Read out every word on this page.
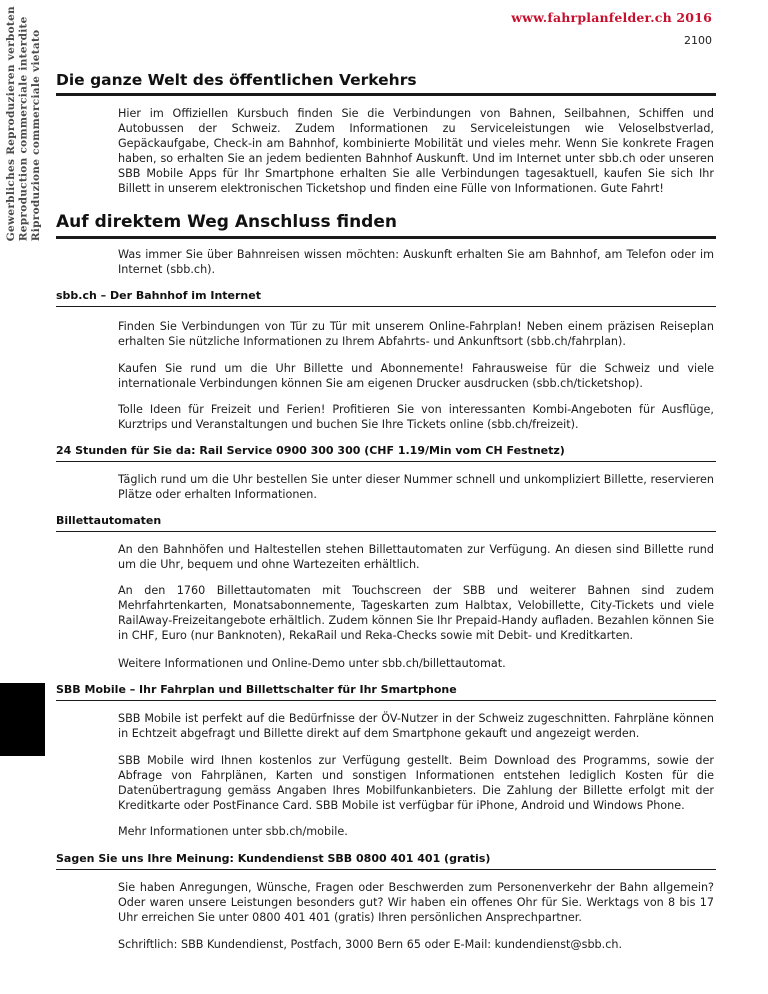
Gewerbliches Reproduzieren verboten Reproduction commerciale interdite Riproduzione commerciale vietato
www.fahrplanfelder.ch 2016
2100
Die ganze Welt des öffentlichen Verkehrs

Hier im Offiziellen Kursbuch finden Sie die Verbindungen von Bahnen, Seilbahnen, Schiffen und Autobussen der Schweiz. Zudem Informationen zu Serviceleistungen wie Veloselbstverlad, Gepäckaufgabe, Check-in am Bahnhof, kombinierte Mobilität und vieles mehr. Wenn Sie konkrete Fragen haben, so erhalten Sie an jedem bedienten Bahnhof Auskunft. Und im Internet unter sbb.ch oder unseren SBB Mobile Apps für Ihr Smartphone erhalten Sie alle Verbindungen tagesaktuell, kaufen Sie sich Ihr Billett in unserem elektronischen Ticketshop und finden eine Fülle von Informationen. Gute Fahrt!

Auf direktem Weg Anschluss finden

Was immer Sie über Bahnreisen wissen möchten: Auskunft erhalten Sie am Bahnhof, am Telefon oder im Internet (sbb.ch).

sbb.ch – Der Bahnhof im Internet

Finden Sie Verbindungen von Tür zu Tür mit unserem Online-Fahrplan! Neben einem präzisen Reiseplan erhalten Sie nützliche Informationen zu Ihrem Abfahrts- und Ankunftsort (sbb.ch/fahrplan).

Kaufen Sie rund um die Uhr Billette und Abonnemente! Fahrausweise für die Schweiz und viele internationale Verbindungen können Sie am eigenen Drucker ausdrucken (sbb.ch/ticketshop).

Tolle Ideen für Freizeit und Ferien! Profitieren Sie von interessanten Kombi-Angeboten für Ausflüge, Kurztrips und Veranstaltungen und buchen Sie Ihre Tickets online (sbb.ch/freizeit).

24 Stunden für Sie da: Rail Service 0900 300 300 (CHF 1.19/Min vom CH Festnetz)

Täglich rund um die Uhr bestellen Sie unter dieser Nummer schnell und unkompliziert Billette, reservieren Plätze oder erhalten Informationen.

Billettautomaten

An den Bahnhöfen und Haltestellen stehen Billettautomaten zur Verfügung. An diesen sind Billette rund um die Uhr, bequem und ohne Wartezeiten erhältlich.

An den 1760 Billettautomaten mit Touchscreen der SBB und weiterer Bahnen sind zudem Mehrfahrtenkarten, Monatsabonnemente, Tageskarten zum Halbtax, Velobillette, City-Tickets und viele RailAway-Freizeitangebote erhältlich. Zudem können Sie Ihr Prepaid-Handy aufladen. Bezahlen können Sie in CHF, Euro (nur Banknoten), RekaRail und Reka-Checks sowie mit Debit- und Kreditkarten.

Weitere Informationen und Online-Demo unter sbb.ch/billettautomat.

SBB Mobile – Ihr Fahrplan und Billettschalter für Ihr Smartphone

SBB Mobile ist perfekt auf die Bedürfnisse der ÖV-Nutzer in der Schweiz zugeschnitten. Fahrpläne können in Echtzeit abgefragt und Billette direkt auf dem Smartphone gekauft und angezeigt werden.

SBB Mobile wird Ihnen kostenlos zur Verfügung gestellt. Beim Download des Programms, sowie der Abfrage von Fahrplänen, Karten und sonstigen Informationen entstehen lediglich Kosten für die Datenübertragung gemäss Angaben Ihres Mobilfunkanbieters. Die Zahlung der Billette erfolgt mit der Kreditkarte oder PostFinance Card. SBB Mobile ist verfügbar für iPhone, Android und Windows Phone.

Mehr Informationen unter sbb.ch/mobile.

Sagen Sie uns Ihre Meinung: Kundendienst SBB 0800 401 401 (gratis)

Sie haben Anregungen, Wünsche, Fragen oder Beschwerden zum Personenverkehr der Bahn allgemein? Oder waren unsere Leistungen besonders gut? Wir haben ein offenes Ohr für Sie. Werktags von 8 bis 17 Uhr erreichen Sie unter 0800 401 401 (gratis) Ihren persönlichen Ansprechpartner.

Schriftlich: SBB Kundendienst, Postfach, 3000 Bern 65 oder E-Mail: kundendienst@sbb.ch.
